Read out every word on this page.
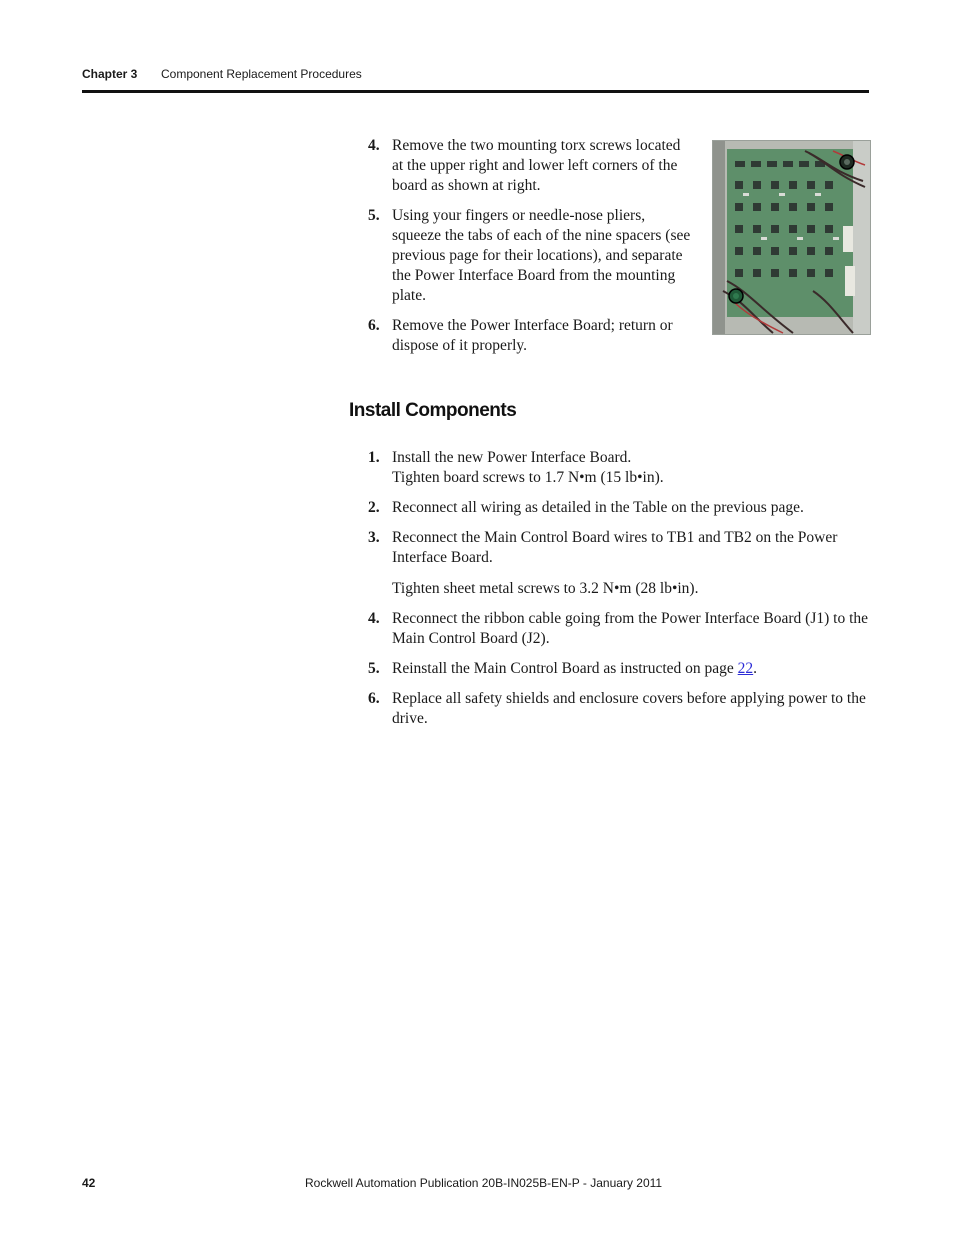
Chapter 3 Component Replacement Procedures
4. Remove the two mounting torx screws located at the upper right and lower left corners of the board as shown at right.
5. Using your fingers or needle-nose pliers, squeeze the tabs of each of the nine spacers (see previous page for their locations), and separate the Power Interface Board from the mounting plate.
6. Remove the Power Interface Board; return or dispose of it properly.
Install Components
1. Install the new Power Interface Board.
Tighten board screws to 1.7 N•m (15 lb•in).
2. Reconnect all wiring as detailed in the Table on the previous page.
3. Reconnect the Main Control Board wires to TB1 and TB2 on the Power Interface Board.
Tighten sheet metal screws to 3.2 N•m (28 lb•in).
4. Reconnect the ribbon cable going from the Power Interface Board (J1) to the Main Control Board (J2).
5. Reinstall the Main Control Board as instructed on page 22.
6. Replace all safety shields and enclosure covers before applying power to the drive.
42	Rockwell Automation Publication 20B-IN025B-EN-P - January 2011
